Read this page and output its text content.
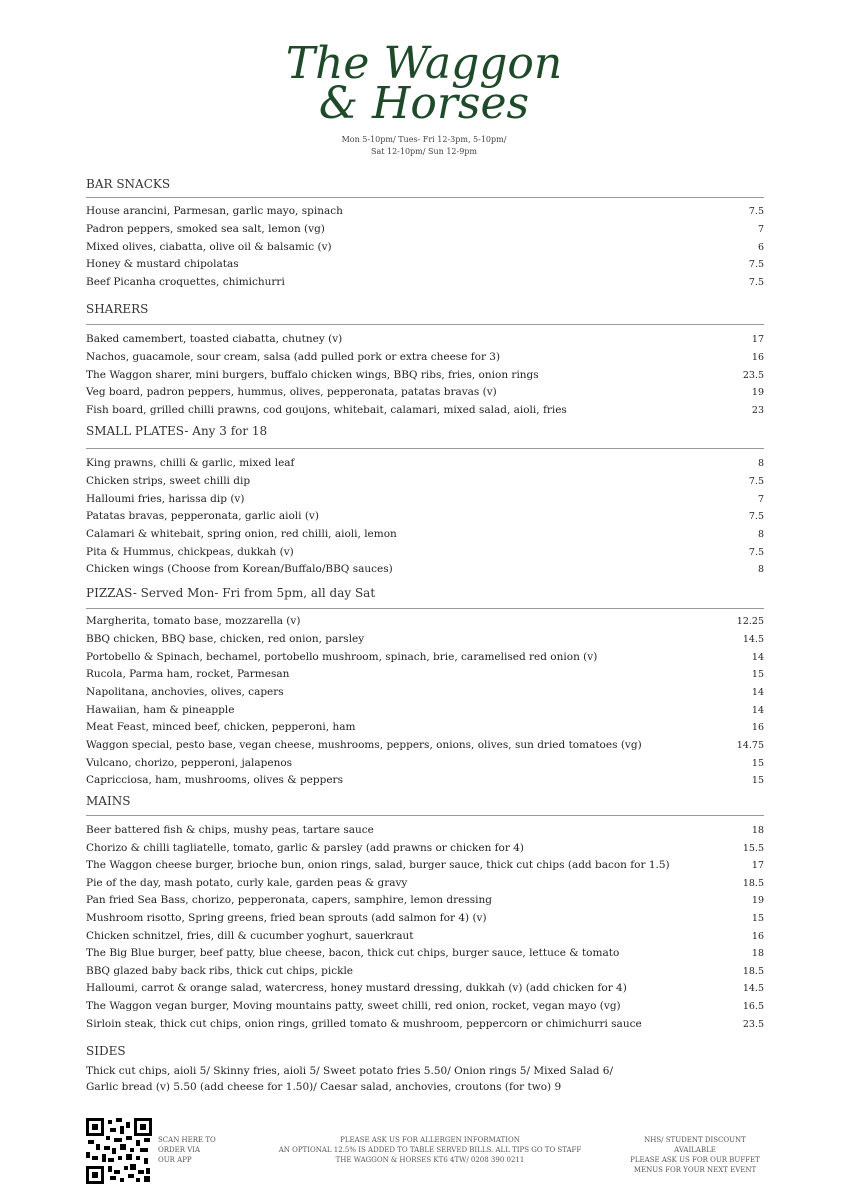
The Waggon
& Horses
Mon 5-10pm/ Tues- Fri 12-3pm, 5-10pm/
Sat 12-10pm/ Sun 12-9pm
BAR SNACKS
House arancini, Parmesan, garlic mayo, spinach	7.5
Padron peppers, smoked sea salt, lemon (vg)	7
Mixed olives, ciabatta, olive oil & balsamic (v)	6
Honey & mustard chipolatas	7.5
Beef Picanha croquettes, chimichurri	7.5
SHARERS
Baked camembert, toasted ciabatta, chutney (v)	17
Nachos, guacamole, sour cream, salsa (add pulled pork or extra cheese for 3)	16
The Waggon sharer, mini burgers, buffalo chicken wings, BBQ ribs, fries, onion rings	23.5
Veg board, padron peppers, hummus, olives, pepperonata, patatas bravas (v)	19
Fish board, grilled chilli prawns, cod goujons, whitebait, calamari, mixed salad, aioli, fries	23
SMALL PLATES- Any 3 for 18
King prawns, chilli & garlic, mixed leaf	8
Chicken strips, sweet chilli dip	7.5
Halloumi fries, harissa dip (v)	7
Patatas bravas, pepperonata, garlic aioli (v)	7.5
Calamari & whitebait, spring onion, red chilli, aioli, lemon	8
Pita & Hummus, chickpeas, dukkah (v)	7.5
Chicken wings (Choose from Korean/Buffalo/BBQ sauces)	8
PIZZAS- Served Mon- Fri from 5pm, all day Sat
Margherita, tomato base, mozzarella (v)	12.25
BBQ chicken, BBQ base, chicken, red onion, parsley	14.5
Portobello & Spinach, bechamel, portobello mushroom, spinach, brie, caramelised red onion (v)	14
Rucola, Parma ham, rocket, Parmesan	15
Napolitana, anchovies, olives, capers	14
Hawaiian, ham & pineapple	14
Meat Feast, minced beef, chicken, pepperoni, ham	16
Waggon special, pesto base, vegan cheese, mushrooms, peppers, onions, olives, sun dried tomatoes (vg)	14.75
Vulcano, chorizo, pepperoni, jalapenos	15
Capricciosa, ham, mushrooms, olives & peppers	15
MAINS
Beer battered fish & chips, mushy peas, tartare sauce	18
Chorizo & chilli tagliatelle, tomato, garlic & parsley (add prawns or chicken for 4)	15.5
The Waggon cheese burger, brioche bun, onion rings, salad, burger sauce, thick cut chips (add bacon for 1.5)	17
Pie of the day, mash potato, curly kale, garden peas & gravy	18.5
Pan fried Sea Bass, chorizo, pepperonata, capers, samphire, lemon dressing	19
Mushroom risotto, Spring greens, fried bean sprouts (add salmon for 4) (v)	15
Chicken schnitzel, fries, dill & cucumber yoghurt, sauerkraut	16
The Big Blue burger, beef patty, blue cheese, bacon, thick cut chips, burger sauce, lettuce & tomato	18
BBQ glazed baby back ribs, thick cut chips, pickle	18.5
Halloumi, carrot & orange salad, watercress, honey mustard dressing, dukkah (v) (add chicken for 4)	14.5
The Waggon vegan burger, Moving mountains patty, sweet chilli, red onion, rocket, vegan mayo (vg)	16.5
Sirloin steak, thick cut chips, onion rings, grilled tomato & mushroom, peppercorn or chimichurri sauce	23.5
SIDES
Thick cut chips, aioli 5/ Skinny fries, aioli 5/ Sweet potato fries 5.50/ Onion rings 5/ Mixed Salad 6/
Garlic bread (v) 5.50 (add cheese for 1.50)/ Caesar salad, anchovies, croutons (for two) 9
SCAN HERE TO
ORDER VIA
OUR APP
PLEASE ASK US FOR ALLERGEN INFORMATION
AN OPTIONAL 12.5% IS ADDED TO TABLE SERVED BILLS. ALL TIPS GO TO STAFF
THE WAGGON & HORSES KT6 4TW/ 0208 390 0211
NHS/ STUDENT DISCOUNT
AVAILABLE
PLEASE ASK US FOR OUR BUFFET
MENUS FOR YOUR NEXT EVENT
